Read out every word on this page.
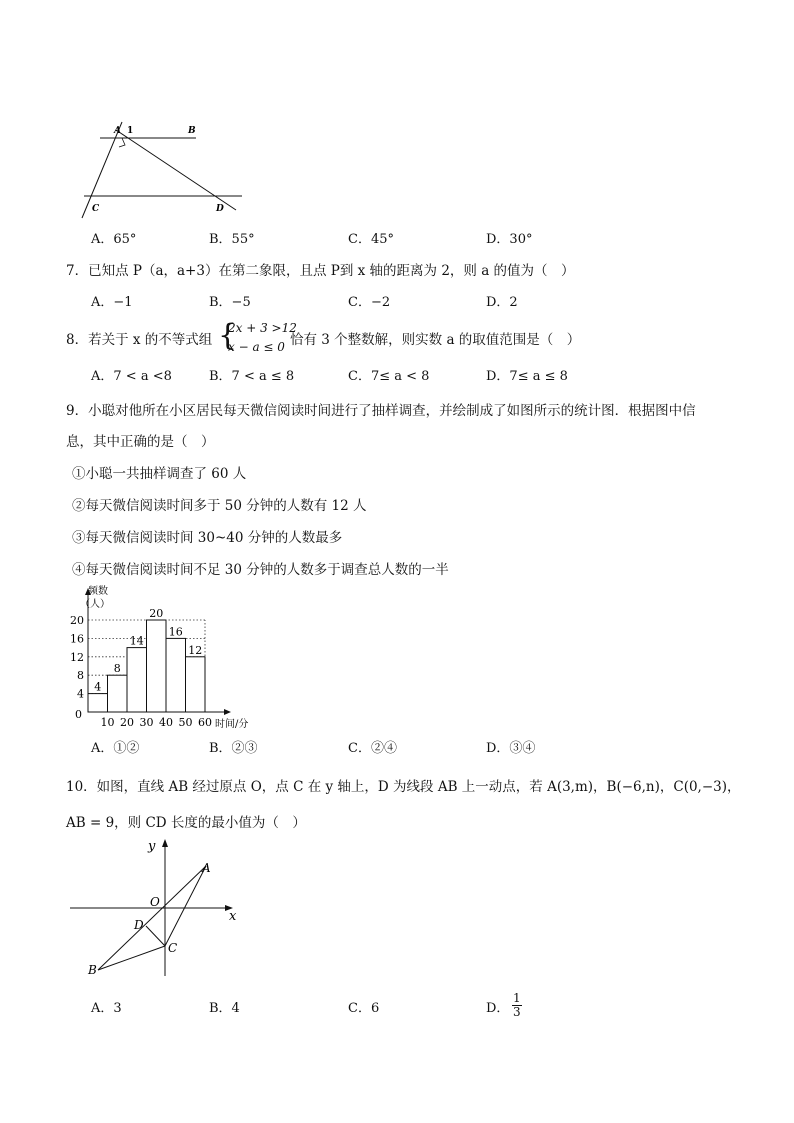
A 1	B
C	D
A．65°	B．55°	C．45°	D．30°
7．已知点 P（a，a+3）在第二象限，且点 P到 x 轴的距离为 2，则 a 的值为（　）
A．−1	B．−5	C．−2	D．2
8．若关于 x 的不等式组 {
2x + 3 >12
x − a ≤ 0 恰有 3 个整数解，则实数 a 的取值范围是（　）
A．7 < a <8	B．7 < a ≤ 8	C．7≤ a < 8	D．7≤ a ≤ 8
9．小聪对他所在小区居民每天微信阅读时间进行了抽样调查，并绘制成了如图所示的统计图．根据图中信
息，其中正确的是（　）
①小聪一共抽样调查了 60 人
②每天微信阅读时间多于 50 分钟的人数有 12 人
③每天微信阅读时间 30~40 分钟的人数最多
④每天微信阅读时间不足 30 分钟的人数多于调查总人数的一半
4
8
12
16
20
4
8
14
20
16
12
0
10 20 30 40 50 60 时间/分
频数
（人）
A．①②	B．②③	C．②④	D．③④
10．如图，直线 AB 经过原点 O，点 C 在 y 轴上，D 为线段 AB 上一动点，若 A(3,m)，B(−6,n)，C(0,−3)，
AB = 9，则 CD 长度的最小值为（　）
y
x
A
O
D
C
B
A．3	B．4	C．6	D． $\frac{1}{3}$
